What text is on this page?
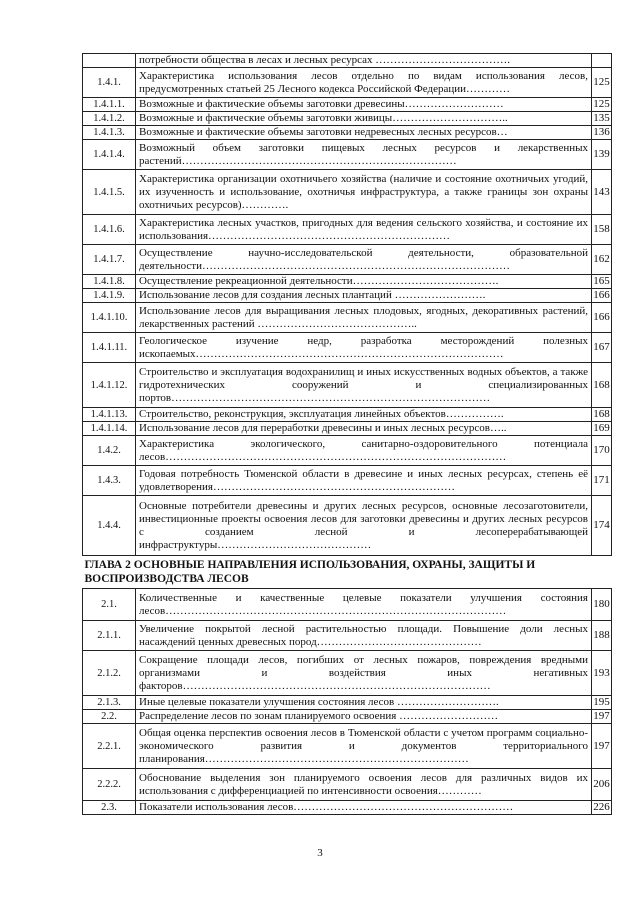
	потребности общества в лесах и лесных ресурсах ……………………………….	
1.4.1.	Характеристика использования лесов отдельно по видам использования лесов, предусмотренных статьей 25 Лесного кодекса Российской Федерации…………	125
1.4.1.1.	Возможные и фактические объемы заготовки древесины………………………	125
1.4.1.2.	Возможные и фактические объемы заготовки живицы…………………………..	135
1.4.1.3.	Возможные и фактические объемы заготовки недревесных лесных ресурсов…	136
1.4.1.4.	Возможный объем заготовки пищевых лесных ресурсов и лекарственных растений…………………………………………………………………	139
1.4.1.5.	Характеристика организации охотничьего хозяйства (наличие и состояние охотничьих угодий, их изученность и использование, охотничья инфраструктура, а также границы зон охраны охотничьих ресурсов)………….	143
1.4.1.6.	Характеристика лесных участков, пригодных для ведения сельского хозяйства, и состояние их использования…………………………………………………………	158
1.4.1.7.	Осуществление научно-исследовательской деятельности, образовательной деятельности…………………………………………………………………………	162
1.4.1.8.	Осуществление рекреационной деятельности………………………………….	165
1.4.1.9.	Использование лесов для создания лесных плантаций …………………….	166
1.4.1.10.	Использование лесов для выращивания лесных плодовых, ягодных, декоративных растений, лекарственных растений ……………………………………..	166
1.4.1.11.	Геологическое изучение недр, разработка месторождений полезных ископаемых…………………………………………………………………………	167
1.4.1.12.	Строительство и эксплуатация водохранилищ и иных искусственных водных объектов, а также гидротехнических сооружений и специализированных портов……………………………………………………………………………	168
1.4.1.13.	Строительство, реконструкция, эксплуатация линейных объектов…………….	168
1.4.1.14.	Использование лесов для переработки древесины и иных лесных ресурсов…..	169
1.4.2.	Характеристика экологического, санитарно-оздоровительного потенциала лесов…………………………………………………………………………………	170
1.4.3.	Годовая потребность Тюменской области в древесине и иных лесных ресурсах, степень её удовлетворения…………………………………………………………	171
1.4.4.	Основные потребители древесины и других лесных ресурсов, основные лесозаготовители, инвестиционные проекты освоения лесов для заготовки древесины и других лесных ресурсов с созданием лесной и лесоперерабатывающей инфраструктуры……………………………………	174
ГЛАВА 2 ОСНОВНЫЕ НАПРАВЛЕНИЯ ИСПОЛЬЗОВАНИЯ, ОХРАНЫ, ЗАЩИТЫ И ВОСПРОИЗВОДСТВА ЛЕСОВ		
2.1.	Количественные и качественные целевые показатели улучшения состояния лесов…………………………………………………………………………………	180
2.1.1.	Увеличение покрытой лесной растительностью площади. Повышение доли лесных насаждений ценных древесных пород………………………………………	188
2.1.2.	Сокращение площади лесов, погибших от лесных пожаров, повреждения вредными организмами и воздействия иных негативных факторов…………………………………………………………………………	193
2.1.3.	Иные целевые показатели улучшения состояния лесов ……………………….	195
2.2.	Распределение лесов по зонам планируемого освоения ………………………	197
2.2.1.	Общая оценка перспектив освоения лесов в Тюменской области с учетом программ социально-экономического развития и документов территориального планирования………………………………………………………………	197
2.2.2.	Обоснование выделения зон планируемого освоения лесов для различных видов их использования с дифференциацией по интенсивности освоения…………	206
2.3.	Показатели использования лесов……………………………………………………	226
3
